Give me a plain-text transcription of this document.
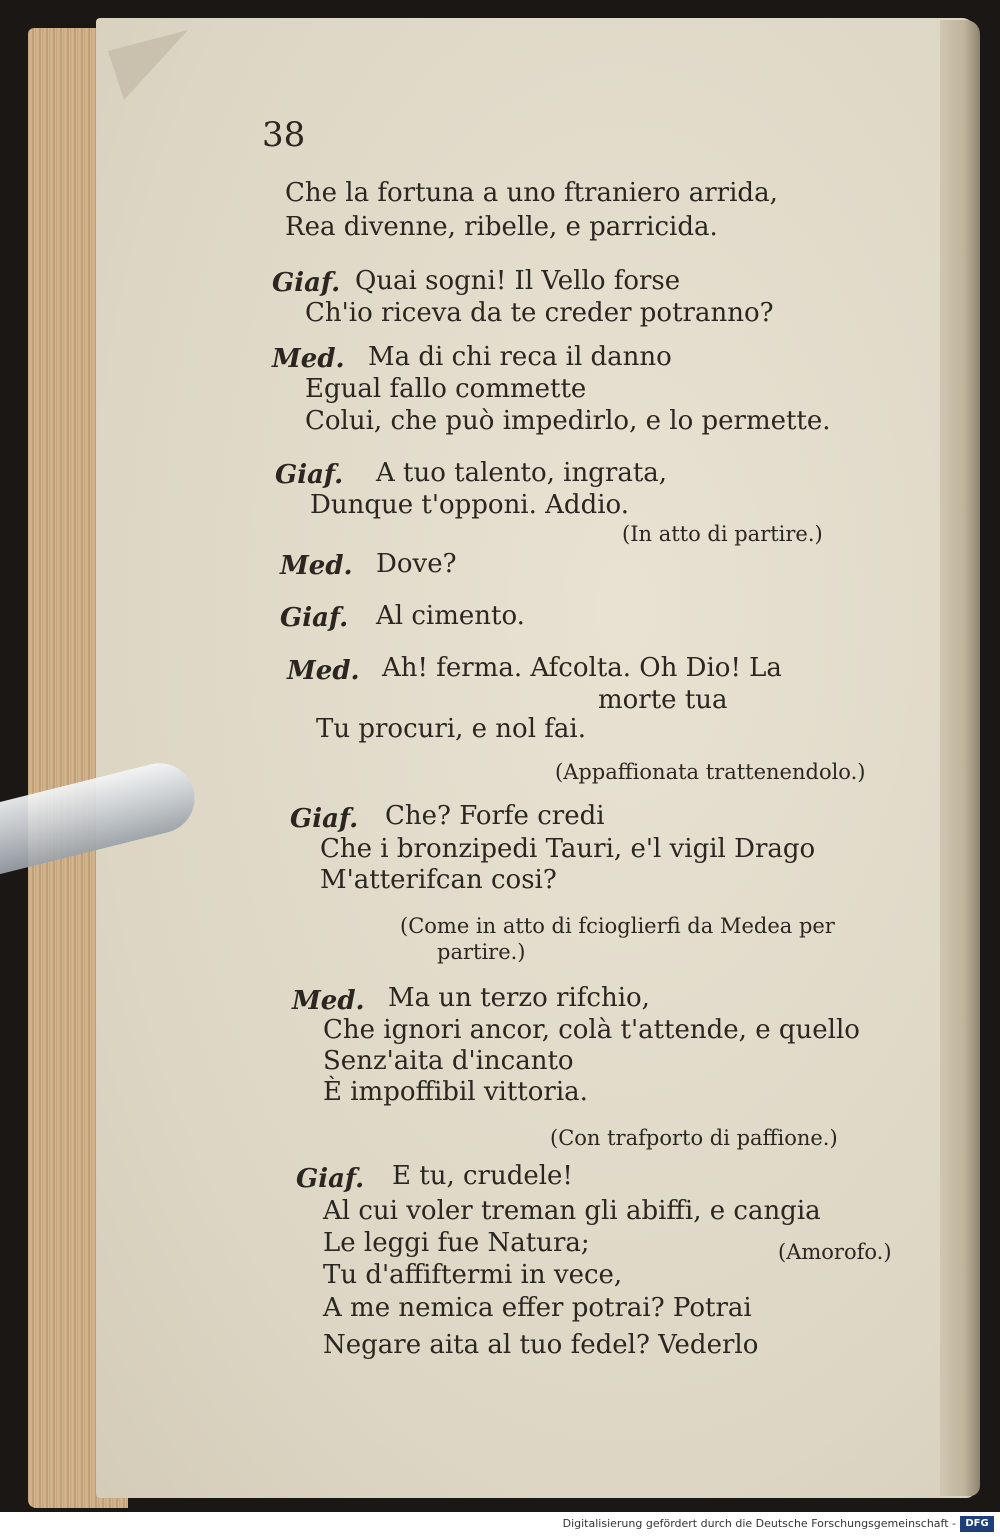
38
Che la fortuna a uno ftraniero arrida,
Rea divenne, ribelle, e parricida.
Giaf. Quai sogni! Il Vello forse
Ch'io riceva da te creder potranno?
Med. Ma di chi reca il danno
Egual fallo commette
Colui, che può impedirlo, e lo permette.
Giaf. A tuo talento, ingrata,
Dunque t'opponi. Addio.
(In atto di partire.)
Med. Dove?
Giaf. Al cimento.
Med. Ah! ferma. Afcolta. Oh Dio! La
morte tua
Tu procuri, e nol fai.
(Appaffionata trattenendolo.)
Giaf. Che? Forfe credi
Che i bronzipedi Tauri, e'l vigil Drago
M'atterifcan cosi?
(Come in atto di fcioglierfi da Medea per
partire.)
Med. Ma un terzo rifchio,
Che ignori ancor, colà t'attende, e quello
Senz'aita d'incanto
È impoffibil vittoria.
(Con trafporto di paffione.)
Giaf. E tu, crudele!
Al cui voler treman gli abiffi, e cangia
Le leggi fue Natura;	(Amorofo.)
Tu d'affiftermi in vece,
A me nemica effer potrai? Potrai
Negare aita al tuo fedel? Vederlo
Digitalisierung gefördert durch die Deutsche Forschungsgemeinschaft - DFG
